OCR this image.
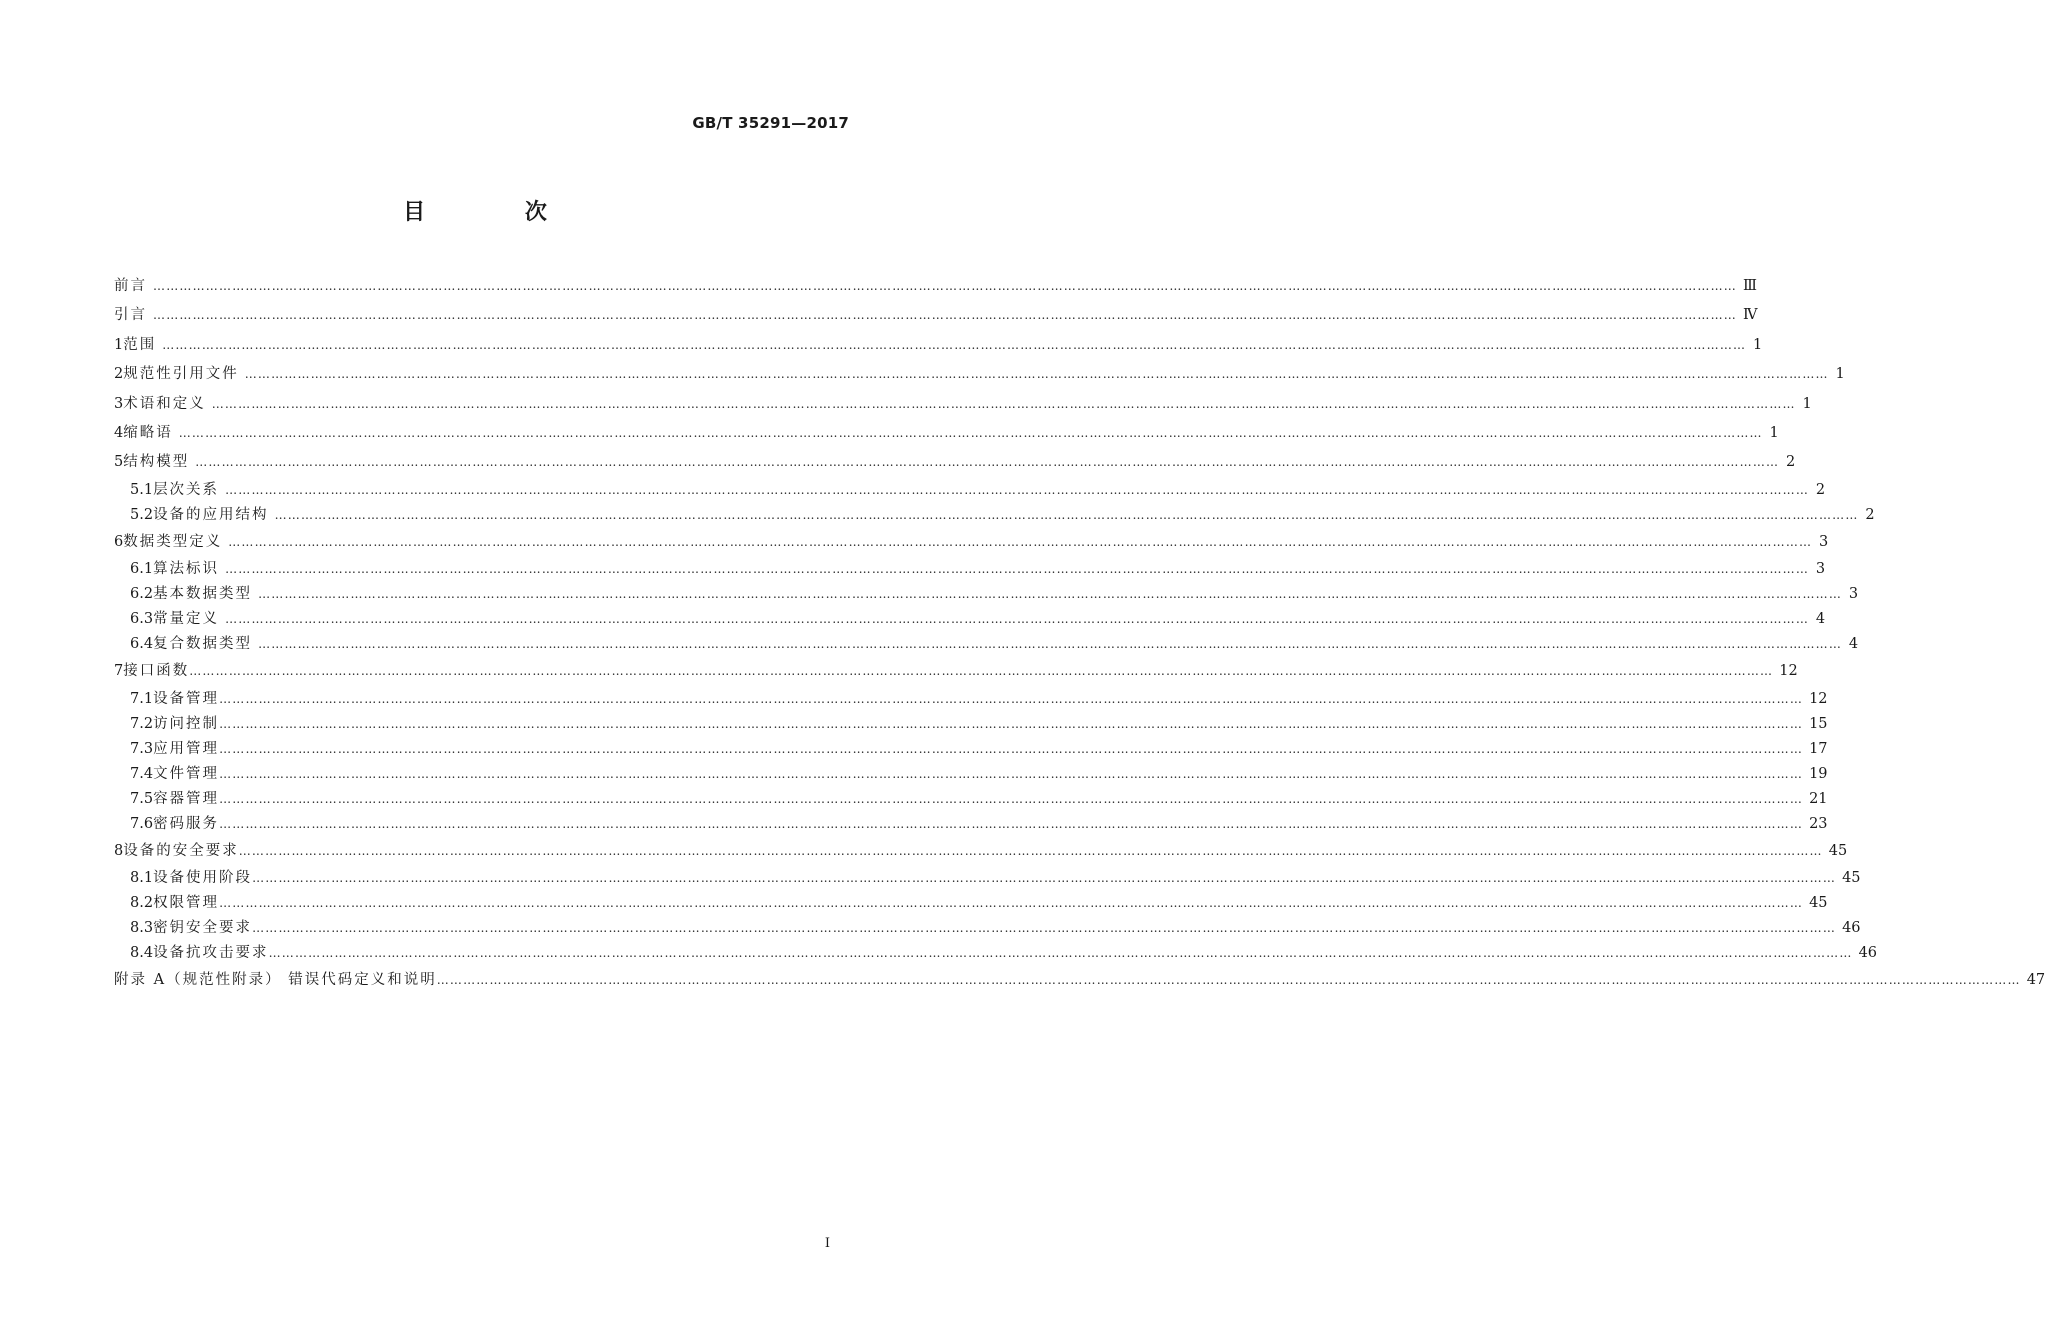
GB/T 35291—2017
目 次
前言 ……………………………………………………………………………………………………………………………………………………………………………………………………………………………………………………………………………………………………………………………… Ⅲ
引言 ……………………………………………………………………………………………………………………………………………………………………………………………………………………………………………………………………………………………………………………………… Ⅳ
1 范围 ……………………………………………………………………………………………………………………………………………………………………………………………………………………………………………………………………………………………………………………………… 1
2 规范性引用文件 ……………………………………………………………………………………………………………………………………………………………………………………………………………………………………………………………………………………………………………………………… 1
3 术语和定义 ……………………………………………………………………………………………………………………………………………………………………………………………………………………………………………………………………………………………………………………………… 1
4 缩略语 ……………………………………………………………………………………………………………………………………………………………………………………………………………………………………………………………………………………………………………………………… 1
5 结构模型 ……………………………………………………………………………………………………………………………………………………………………………………………………………………………………………………………………………………………………………………………… 2
5.1 层次关系 ……………………………………………………………………………………………………………………………………………………………………………………………………………………………………………………………………………………………………………………………… 2
5.2 设备的应用结构 ……………………………………………………………………………………………………………………………………………………………………………………………………………………………………………………………………………………………………………………………… 2
6 数据类型定义 ……………………………………………………………………………………………………………………………………………………………………………………………………………………………………………………………………………………………………………………………… 3
6.1 算法标识 ……………………………………………………………………………………………………………………………………………………………………………………………………………………………………………………………………………………………………………………………… 3
6.2 基本数据类型 ……………………………………………………………………………………………………………………………………………………………………………………………………………………………………………………………………………………………………………………………… 3
6.3 常量定义 ……………………………………………………………………………………………………………………………………………………………………………………………………………………………………………………………………………………………………………………………… 4
6.4 复合数据类型 ……………………………………………………………………………………………………………………………………………………………………………………………………………………………………………………………………………………………………………………………… 4
7 接口函数 ……………………………………………………………………………………………………………………………………………………………………………………………………………………………………………………………………………………………………………………………… 12
7.1 设备管理 ……………………………………………………………………………………………………………………………………………………………………………………………………………………………………………………………………………………………………………………………… 12
7.2 访问控制 ……………………………………………………………………………………………………………………………………………………………………………………………………………………………………………………………………………………………………………………………… 15
7.3 应用管理 ……………………………………………………………………………………………………………………………………………………………………………………………………………………………………………………………………………………………………………………………… 17
7.4 文件管理 ……………………………………………………………………………………………………………………………………………………………………………………………………………………………………………………………………………………………………………………………… 19
7.5 容器管理 ……………………………………………………………………………………………………………………………………………………………………………………………………………………………………………………………………………………………………………………………… 21
7.6 密码服务 ……………………………………………………………………………………………………………………………………………………………………………………………………………………………………………………………………………………………………………………………… 23
8 设备的安全要求 ……………………………………………………………………………………………………………………………………………………………………………………………………………………………………………………………………………………………………………………………… 45
8.1 设备使用阶段 ……………………………………………………………………………………………………………………………………………………………………………………………………………………………………………………………………………………………………………………………… 45
8.2 权限管理 ……………………………………………………………………………………………………………………………………………………………………………………………………………………………………………………………………………………………………………………………… 45
8.3 密钥安全要求 ……………………………………………………………………………………………………………………………………………………………………………………………………………………………………………………………………………………………………………………………… 46
8.4 设备抗攻击要求 ……………………………………………………………………………………………………………………………………………………………………………………………………………………………………………………………………………………………………………………………… 46
附录 A（规范性附录） 错误代码定义和说明 ……………………………………………………………………………………………………………………………………………………………………………………………………………………………………………………………………………………………………………………………… 47
I
